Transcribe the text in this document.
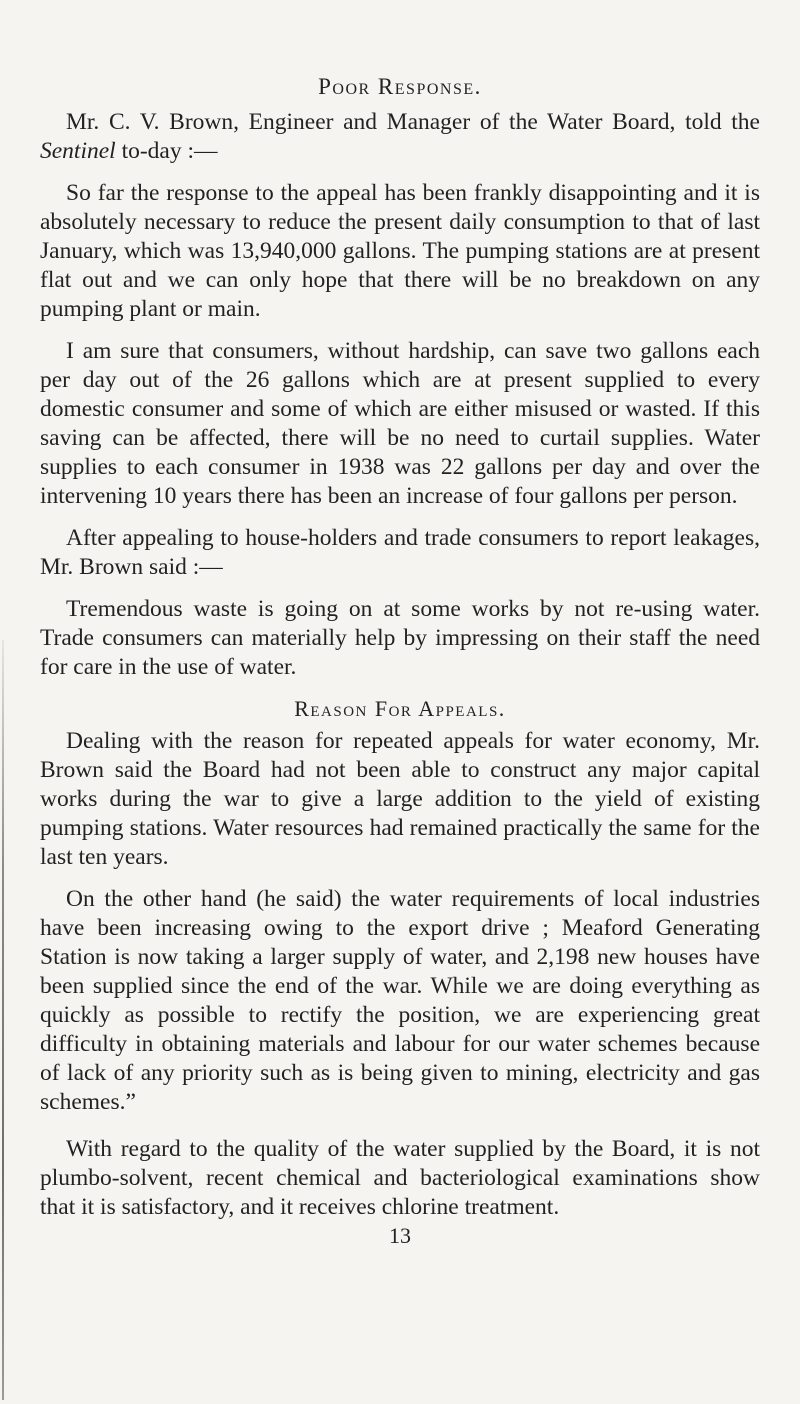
Poor Response.

Mr. C. V. Brown, Engineer and Manager of the Water Board, told the Sentinel to-day :—

So far the response to the appeal has been frankly disappointing and it is absolutely necessary to reduce the present daily consumption to that of last January, which was 13,940,000 gallons. The pumping stations are at present flat out and we can only hope that there will be no breakdown on any pumping plant or main.

I am sure that consumers, without hardship, can save two gallons each per day out of the 26 gallons which are at present supplied to every domestic consumer and some of which are either misused or wasted. If this saving can be affected, there will be no need to curtail supplies. Water supplies to each consumer in 1938 was 22 gallons per day and over the intervening 10 years there has been an increase of four gallons per person.

After appealing to house-holders and trade consumers to report leakages, Mr. Brown said :—

Tremendous waste is going on at some works by not re-using water. Trade consumers can materially help by impressing on their staff the need for care in the use of water.

Reason For Appeals.

Dealing with the reason for repeated appeals for water economy, Mr. Brown said the Board had not been able to construct any major capital works during the war to give a large addition to the yield of existing pumping stations. Water resources had remained practically the same for the last ten years.

On the other hand (he said) the water requirements of local industries have been increasing owing to the export drive ; Meaford Generating Station is now taking a larger supply of water, and 2,198 new houses have been supplied since the end of the war. While we are doing everything as quickly as possible to rectify the position, we are experiencing great difficulty in obtaining materials and labour for our water schemes because of lack of any priority such as is being given to mining, electricity and gas schemes.”

With regard to the quality of the water supplied by the Board, it is not plumbo-solvent, recent chemical and bacteriological examinations show that it is satisfactory, and it receives chlorine treatment.

13
